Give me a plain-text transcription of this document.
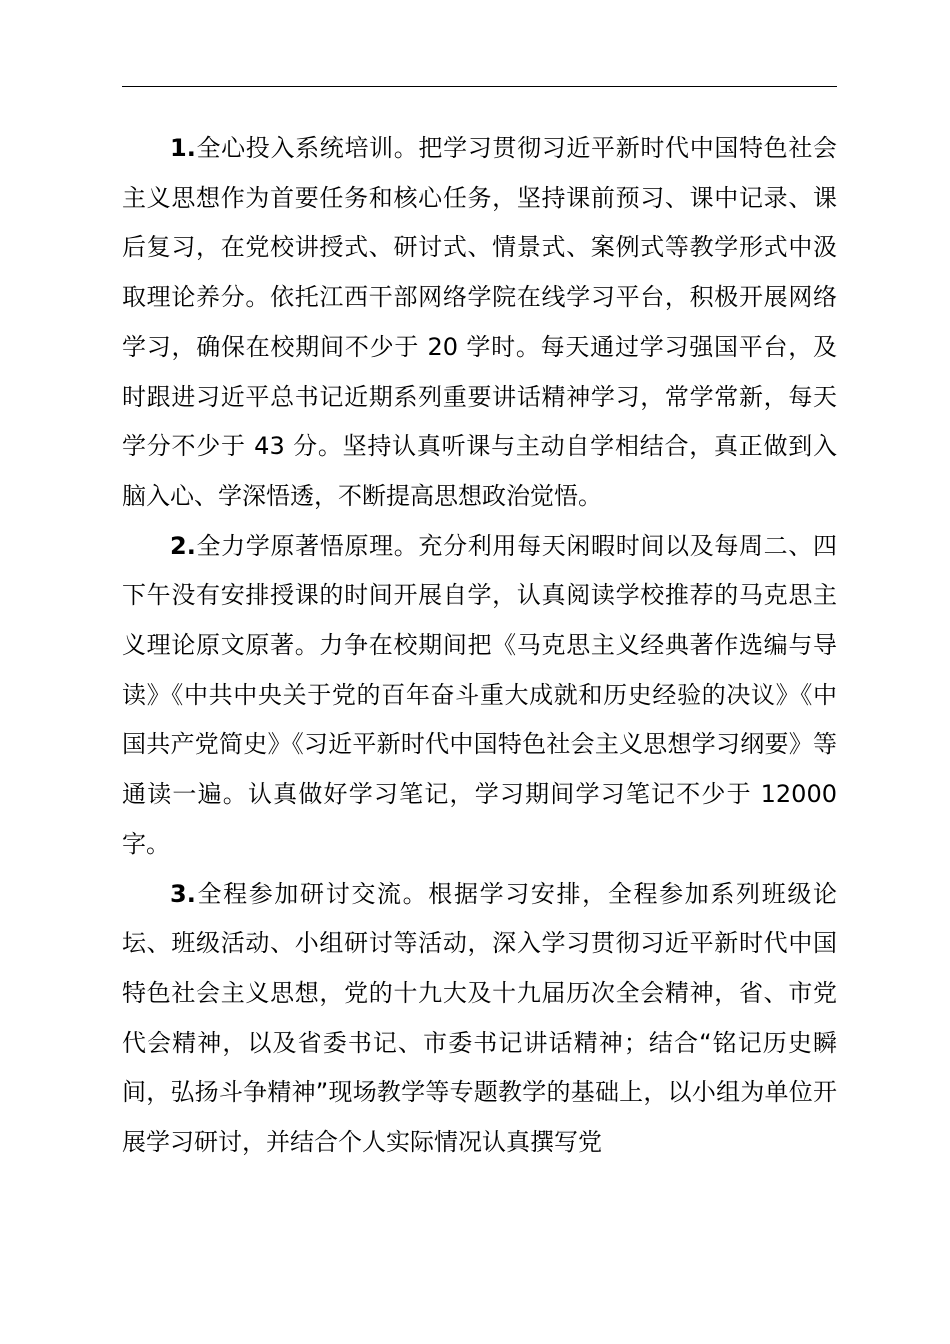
1.全心投入系统培训。把学习贯彻习近平新时代中国特色社会主义思想作为首要任务和核心任务，坚持课前预习、课中记录、课后复习，在党校讲授式、研讨式、情景式、案例式等教学形式中汲取理论养分。依托江西干部网络学院在线学习平台，积极开展网络学习，确保在校期间不少于 20 学时。每天通过学习强国平台，及时跟进习近平总书记近期系列重要讲话精神学习，常学常新，每天学分不少于 43 分。坚持认真听课与主动自学相结合，真正做到入脑入心、学深悟透，不断提高思想政治觉悟。

2.全力学原著悟原理。充分利用每天闲暇时间以及每周二、四下午没有安排授课的时间开展自学，认真阅读学校推荐的马克思主义理论原文原著。力争在校期间把《马克思主义经典著作选编与导读》《中共中央关于党的百年奋斗重大成就和历史经验的决议》《中国共产党简史》《习近平新时代中国特色社会主义思想学习纲要》等通读一遍。认真做好学习笔记，学习期间学习笔记不少于 12000 字。

3.全程参加研讨交流。根据学习安排，全程参加系列班级论坛、班级活动、小组研讨等活动，深入学习贯彻习近平新时代中国特色社会主义思想，党的十九大及十九届历次全会精神，省、市党代会精神，以及省委书记、市委书记讲话精神；结合“铭记历史瞬间，弘扬斗争精神”现场教学等专题教学的基础上，以小组为单位开展学习研讨，并结合个人实际情况认真撰写党
